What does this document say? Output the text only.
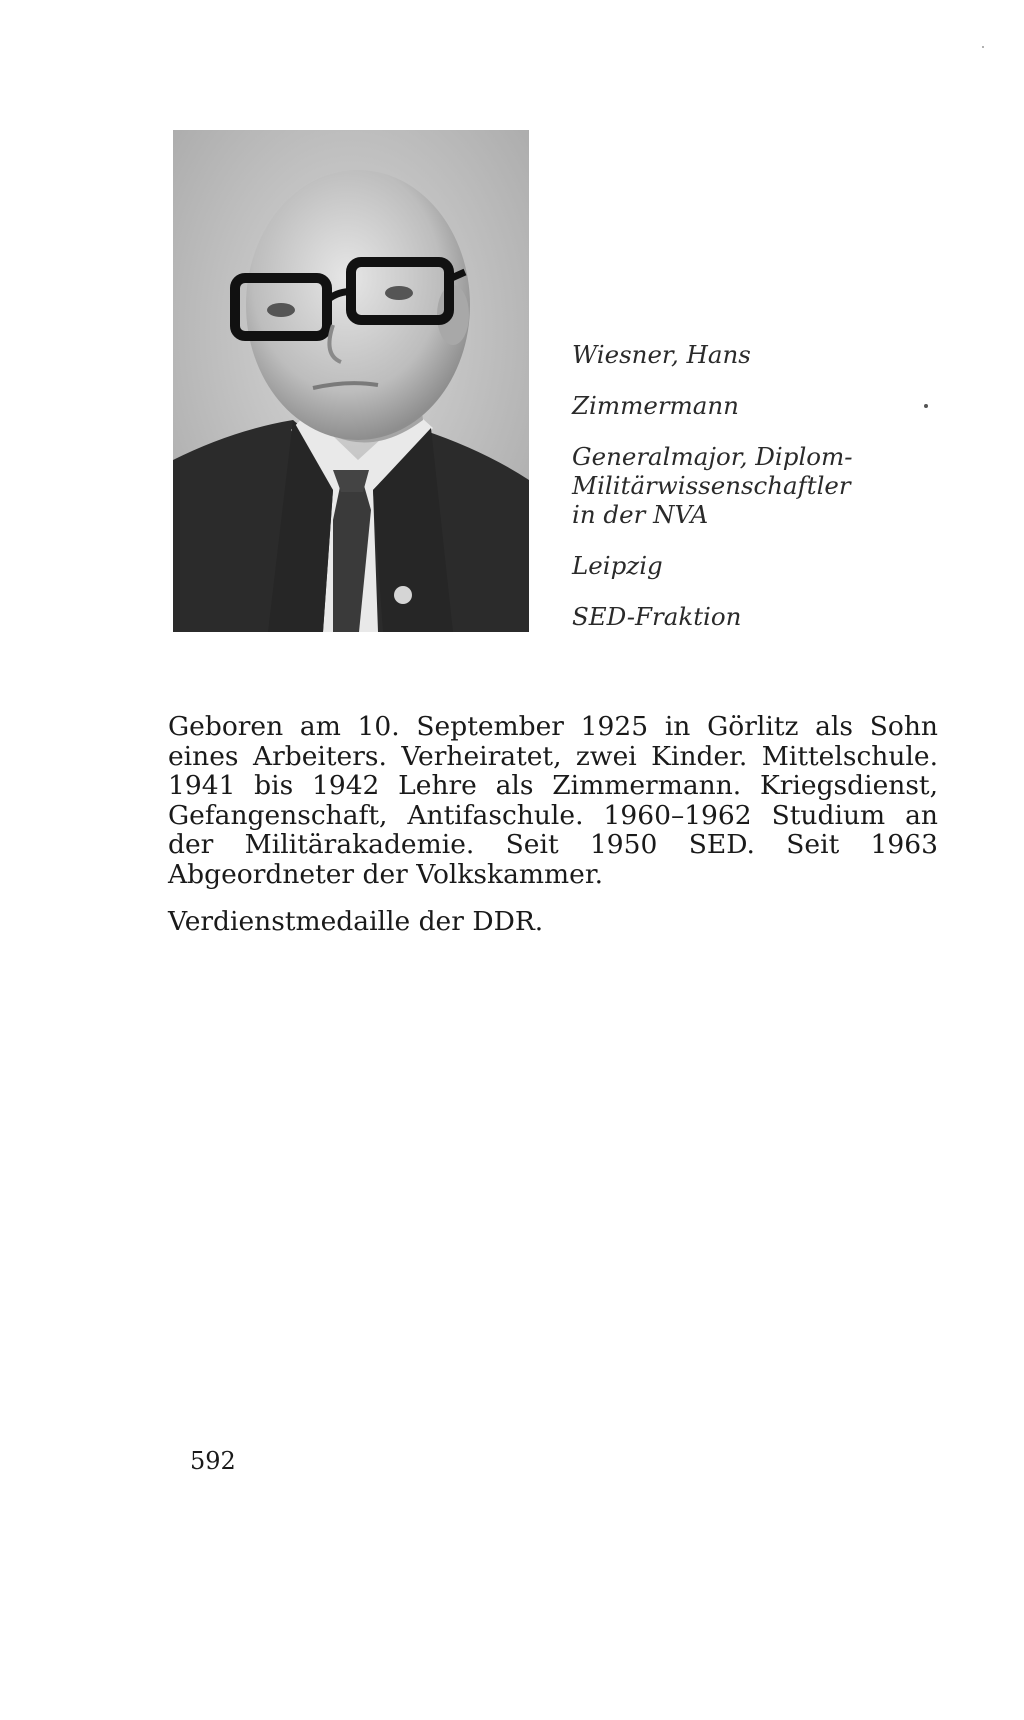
Wiesner, Hans
Zimmermann
Generalmajor, Diplom-
Militärwissenschaftler
in der NVA
Leipzig
SED-Fraktion

Geboren am 10. September 1925 in Görlitz als Sohn eines Arbeiters. Verheiratet, zwei Kinder. Mittelschule. 1941 bis 1942 Lehre als Zimmermann. Kriegsdienst, Gefangenschaft, Antifaschule. 1960–1962 Studium an der Militärakademie. Seit 1950 SED. Seit 1963 Abgeordneter der Volkskammer.

Verdienstmedaille der DDR.

592
